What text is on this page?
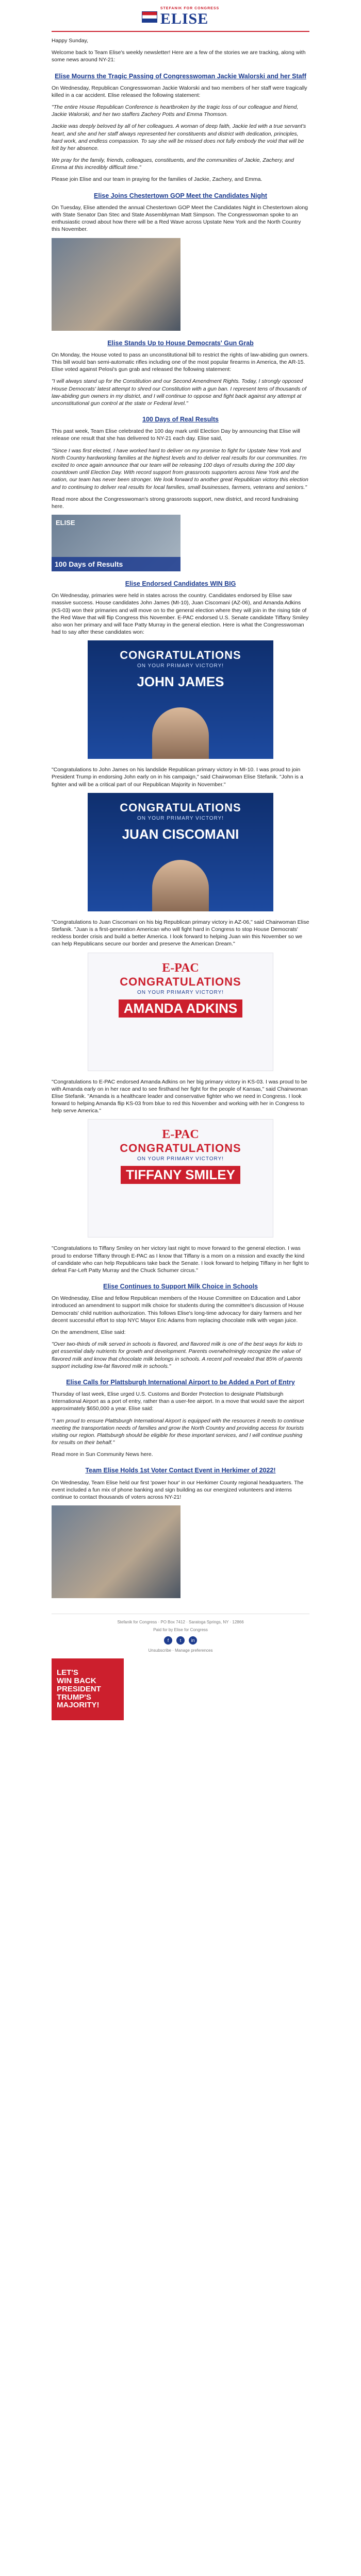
STEFANIK FOR CONGRESS
ELISE

Happy Sunday,

Welcome back to Team Elise's weekly newsletter! Here are a few of the stories we are tracking, along with some news around NY-21:

Elise Mourns the Tragic Passing of Congresswoman Jackie Walorski and her Staff

On Wednesday, Republican Congresswoman Jackie Walorski and two members of her staff were tragically killed in a car accident. Elise released the following statement:

"The entire House Republican Conference is heartbroken by the tragic loss of our colleague and friend, Jackie Walorski, and her two staffers Zachery Potts and Emma Thomson.

Jackie was deeply beloved by all of her colleagues. A woman of deep faith, Jackie led with a true servant's heart, and she and her staff always represented her constituents and district with dedication, principles, hard work, and endless compassion. To say she will be missed does not fully embody the void that will be felt by her absence.

We pray for the family, friends, colleagues, constituents, and the communities of Jackie, Zachery, and Emma at this incredibly difficult time."

Please join Elise and our team in praying for the families of Jackie, Zachery, and Emma.

Elise Joins Chestertown GOP Meet the Candidates Night

On Tuesday, Elise attended the annual Chestertown GOP Meet the Candidates Night in Chestertown along with State Senator Dan Stec and State Assemblyman Matt Simpson. The Congresswoman spoke to an enthusiastic crowd about how there will be a Red Wave across Upstate New York and the North Country this November.

Elise Stands Up to House Democrats' Gun Grab

On Monday, the House voted to pass an unconstitutional bill to restrict the rights of law-abiding gun owners. This bill would ban semi-automatic rifles including one of the most popular firearms in America, the AR-15. Elise voted against Pelosi's gun grab and released the following statement:

"I will always stand up for the Constitution and our Second Amendment Rights. Today, I strongly opposed House Democrats' latest attempt to shred our Constitution with a gun ban. I represent tens of thousands of law-abiding gun owners in my district, and I will continue to oppose and fight back against any attempt at unconstitutional gun control at the state or Federal level."

100 Days of Real Results

This past week, Team Elise celebrated the 100 day mark until Election Day by announcing that Elise will release one result that she has delivered to NY-21 each day. Elise said,

"Since I was first elected, I have worked hard to deliver on my promise to fight for Upstate New York and North Country hardworking families at the highest levels and to deliver real results for our communities. I'm excited to once again announce that our team will be releasing 100 days of results during the 100 day countdown until Election Day. With record support from grassroots supporters across New York and the nation, our team has never been stronger. We look forward to another great Republican victory this election and to continuing to deliver real results for local families, small businesses, farmers, veterans and seniors."

Read more about the Congresswoman's strong grassroots support, new district, and record fundraising here.

ELISE
100 Days of Results
Elise Endorsed Candidates WIN BIG

On Wednesday, primaries were held in states across the country. Candidates endorsed by Elise saw massive success. House candidates John James (MI-10), Juan Ciscomani (AZ-06), and Amanda Adkins (KS-03) won their primaries and will move on to the general election where they will join in the rising tide of the Red Wave that will flip Congress this November. E-PAC endorsed U.S. Senate candidate Tiffany Smiley also won her primary and will face Patty Murray in the general election. Here is what the Congresswoman had to say after these candidates won:

CONGRATULATIONS
ON YOUR PRIMARY VICTORY!
JOHN JAMES

"Congratulations to John James on his landslide Republican primary victory in MI-10. I was proud to join President Trump in endorsing John early on in his campaign," said Chairwoman Elise Stefanik. "John is a fighter and will be a critical part of our Republican Majority in November."

CONGRATULATIONS
ON YOUR PRIMARY VICTORY!
JUAN CISCOMANI

"Congratulations to Juan Ciscomani on his big Republican primary victory in AZ-06," said Chairwoman Elise Stefanik. "Juan is a first-generation American who will fight hard in Congress to stop House Democrats' reckless border crisis and build a better America. I look forward to helping Juan win this November so we can help Republicans secure our border and preserve the American Dream."

E-PAC
CONGRATULATIONS
ON YOUR PRIMARY VICTORY!
AMANDA ADKINS

"Congratulations to E-PAC endorsed Amanda Adkins on her big primary victory in KS-03. I was proud to be with Amanda early on in her race and to see firsthand her fight for the people of Kansas," said Chairwoman Elise Stefanik. "Amanda is a healthcare leader and conservative fighter who we need in Congress. I look forward to helping Amanda flip KS-03 from blue to red this November and working with her in Congress to help serve America."

E-PAC
CONGRATULATIONS
ON YOUR PRIMARY VICTORY!
TIFFANY SMILEY

"Congratulations to Tiffany Smiley on her victory last night to move forward to the general election. I was proud to endorse Tiffany through E-PAC as I know that Tiffany is a mom on a mission and exactly the kind of candidate who can help Republicans take back the Senate. I look forward to helping Tiffany in her fight to defeat Far-Left Patty Murray and the Chuck Schumer circus."

Elise Continues to Support Milk Choice in Schools

On Wednesday, Elise and fellow Republican members of the House Committee on Education and Labor introduced an amendment to support milk choice for students during the committee's discussion of House Democrats' child nutrition authorization. This follows Elise's long-time advocacy for dairy farmers and her decent successful effort to stop NYC Mayor Eric Adams from replacing chocolate milk with vegan juice.

On the amendment, Elise said:

"Over two-thirds of milk served in schools is flavored, and flavored milk is one of the best ways for kids to get essential daily nutrients for growth and development. Parents overwhelmingly recognize the value of flavored milk and know that chocolate milk belongs in schools. A recent poll revealed that 85% of parents support including low-fat flavored milk in schools."

Elise Calls for Plattsburgh International Airport to be Added a Port of Entry

Thursday of last week, Elise urged U.S. Customs and Border Protection to designate Plattsburgh International Airport as a port of entry, rather than a user-fee airport. In a move that would save the airport approximately $650,000 a year. Elise said:

"I am proud to ensure Plattsburgh International Airport is equipped with the resources it needs to continue meeting the transportation needs of families and grow the North Country and providing access for tourists visiting our region. Plattsburgh should be eligible for these important services, and I will continue pushing for results on their behalf."

Read more in Sun Community News here.

Team Elise Holds 1st Voter Contact Event in Herkimer of 2022!

On Wednesday, Team Elise held our first 'power hour' in our Herkimer County regional headquarters. The event included a fun mix of phone banking and sign building as our energized volunteers and interns continue to contact thousands of voters across NY-21!

Stefanik for Congress · PO Box 7412 · Saratoga Springs, NY · 12866

Paid for by Elise for Congress

f	t	in

Unsubscribe · Manage preferences

LET'S
WIN BACK
PRESIDENT
TRUMP'S
MAJORITY!
